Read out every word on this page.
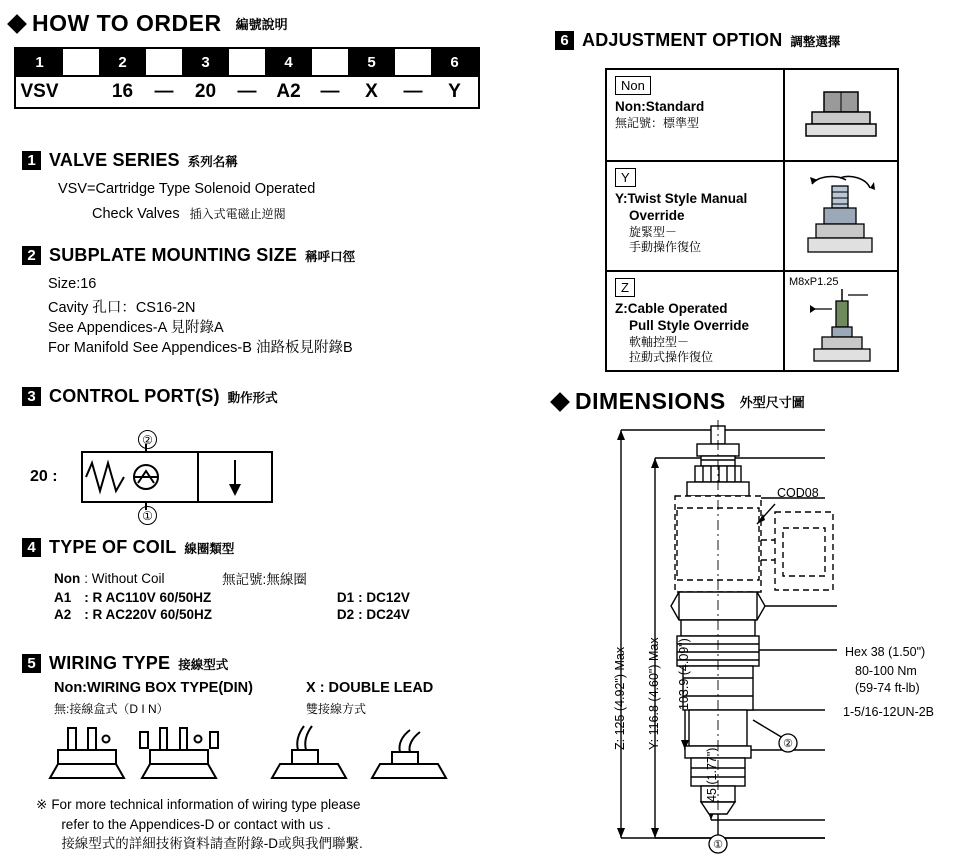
HOW TO ORDER 編號說明
1	2	3	4	5	6
VSV	16	—	20	—	A2	—	X	—	Y
1 VALVE SERIES 系列名稱
VSV=Cartridge Type Solenoid Operated
Check Valves 插入式電磁止逆閥
2 SUBPLATE MOUNTING SIZE 稱呼口徑
Size:16
Cavity 孔口：CS16-2N
See Appendices-A 見附錄A
For Manifold See Appendices-B 油路板見附錄B
3 CONTROL PORT(S) 動作形式
20 :
②
①
4 TYPE OF COIL 線圈類型
Non	: Without Coil	無記號:無線圈		
A1	: R AC110V 60/50HZ		D1	: DC12V
A2	: R AC220V 60/50HZ		D2	: DC24V
5 WIRING TYPE 接線型式
Non:WIRING BOX TYPE(DIN)
無:接線盒式（D I N）
X : DOUBLE LEAD
雙接線方式
※ For more technical information of wiring type please
refer to the Appendices-D or contact with us .
接線型式的詳細技術資料請查附錄-D或與我們聯繫.
6 ADJUSTMENT OPTION 調整選擇
Non
Non:Standard
無記號：標準型
Y
Y:Twist Style Manual
Override
旋緊型－
手動操作復位
Z
Z:Cable Operated
Pull Style Override
軟軸控型－
拉動式操作復位
M8xP1.25
DIMENSIONS 外型尺寸圖
②
①
Z: 125 (4.92") Max Y: 116.8 (4.60") Max 103.9 (4.09")
45 (1.77")
COD08
Hex 38 (1.50")
80-100 Nm
(59-74 ft-lb)
1-5/16-12UN-2B
